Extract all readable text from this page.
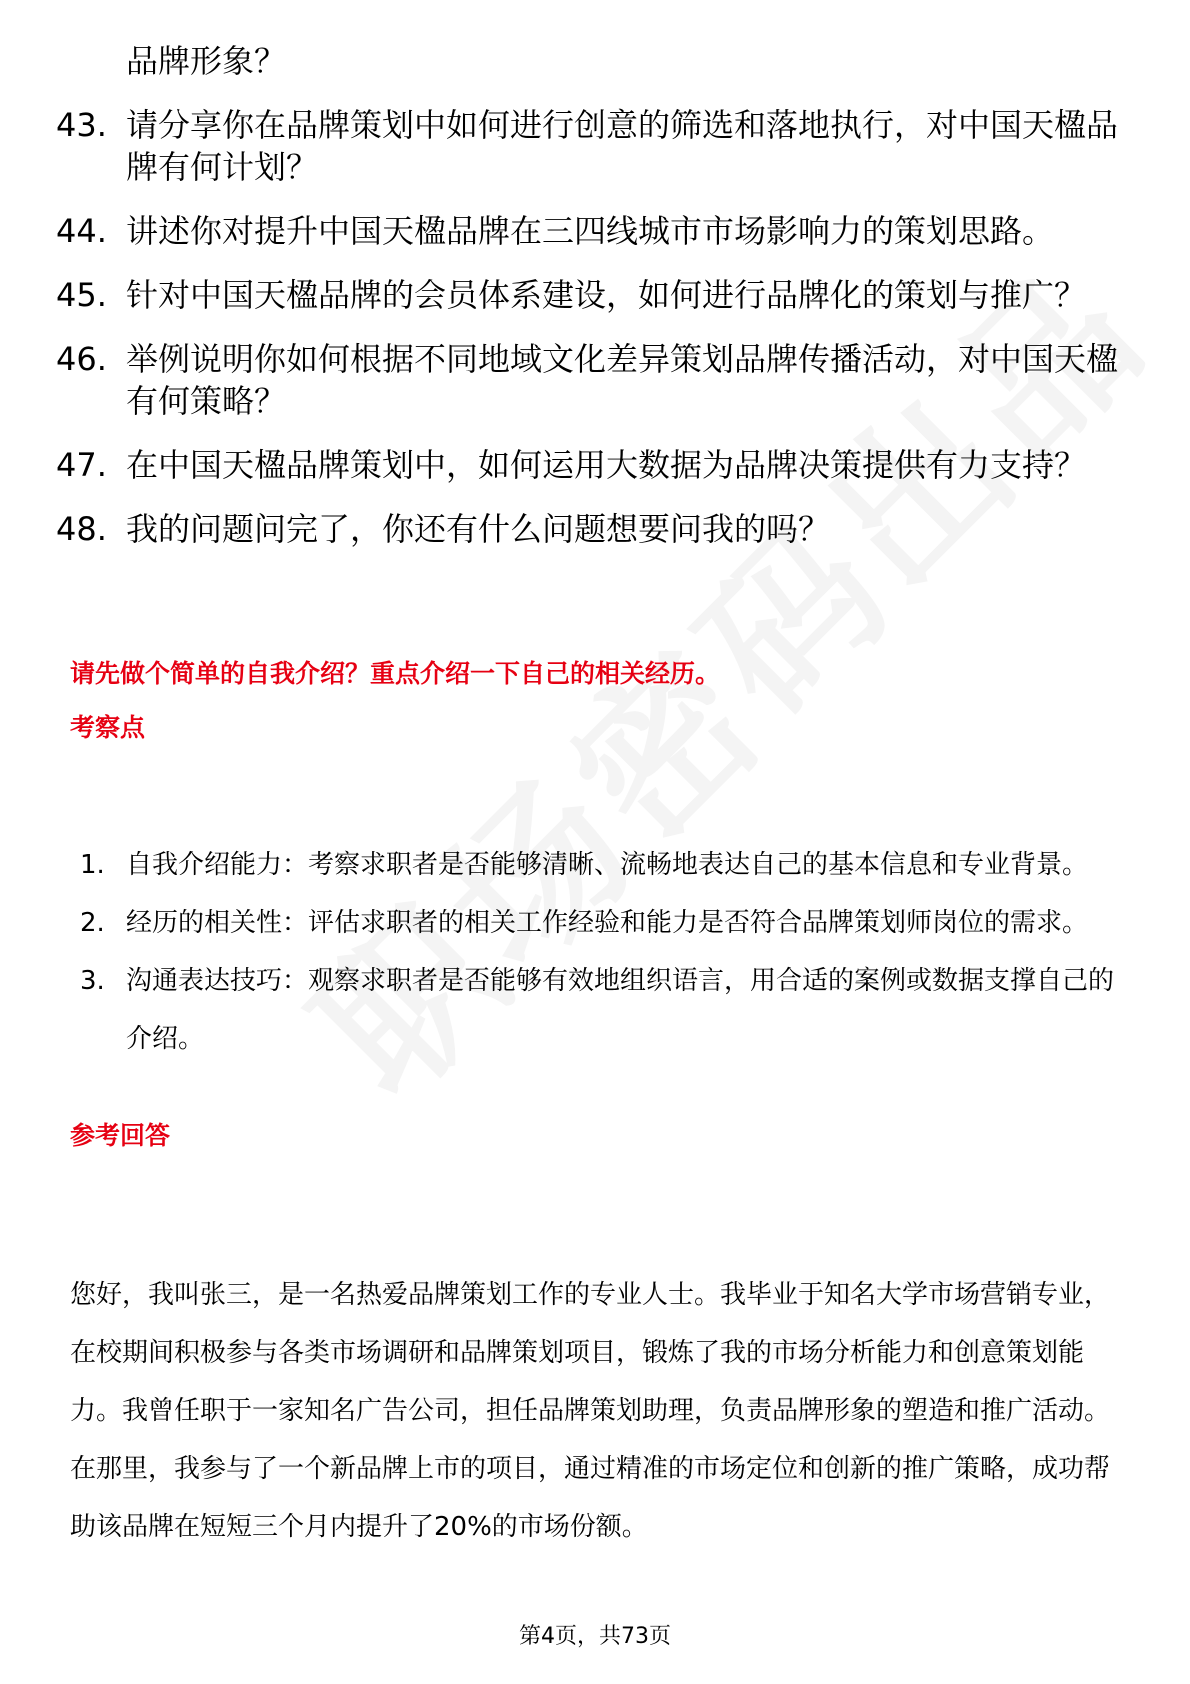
品牌形象？
43. 请分享你在品牌策划中如何进行创意的筛选和落地执行，对中国天楹品牌有何计划？
44. 讲述你对提升中国天楹品牌在三四线城市市场影响力的策划思路。
45. 针对中国天楹品牌的会员体系建设，如何进行品牌化的策划与推广？
46. 举例说明你如何根据不同地域文化差异策划品牌传播活动，对中国天楹有何策略？
47. 在中国天楹品牌策划中，如何运用大数据为品牌决策提供有力支持？
48. 我的问题问完了，你还有什么问题想要问我的吗？
请先做个简单的自我介绍？重点介绍一下自己的相关经历。
考察点
1. 自我介绍能力：考察求职者是否能够清晰、流畅地表达自己的基本信息和专业背景。
2. 经历的相关性：评估求职者的相关工作经验和能力是否符合品牌策划师岗位的需求。
3. 沟通表达技巧：观察求职者是否能够有效地组织语言，用合适的案例或数据支撑自己的介绍。
参考回答
您好，我叫张三，是一名热爱品牌策划工作的专业人士。我毕业于知名大学市场营销专业，在校期间积极参与各类市场调研和品牌策划项目，锻炼了我的市场分析能力和创意策划能力。我曾任职于一家知名广告公司，担任品牌策划助理，负责品牌形象的塑造和推广活动。在那里，我参与了一个新品牌上市的项目，通过精准的市场定位和创新的推广策略，成功帮助该品牌在短短三个月内提升了20%的市场份额。
第4页，共73页
